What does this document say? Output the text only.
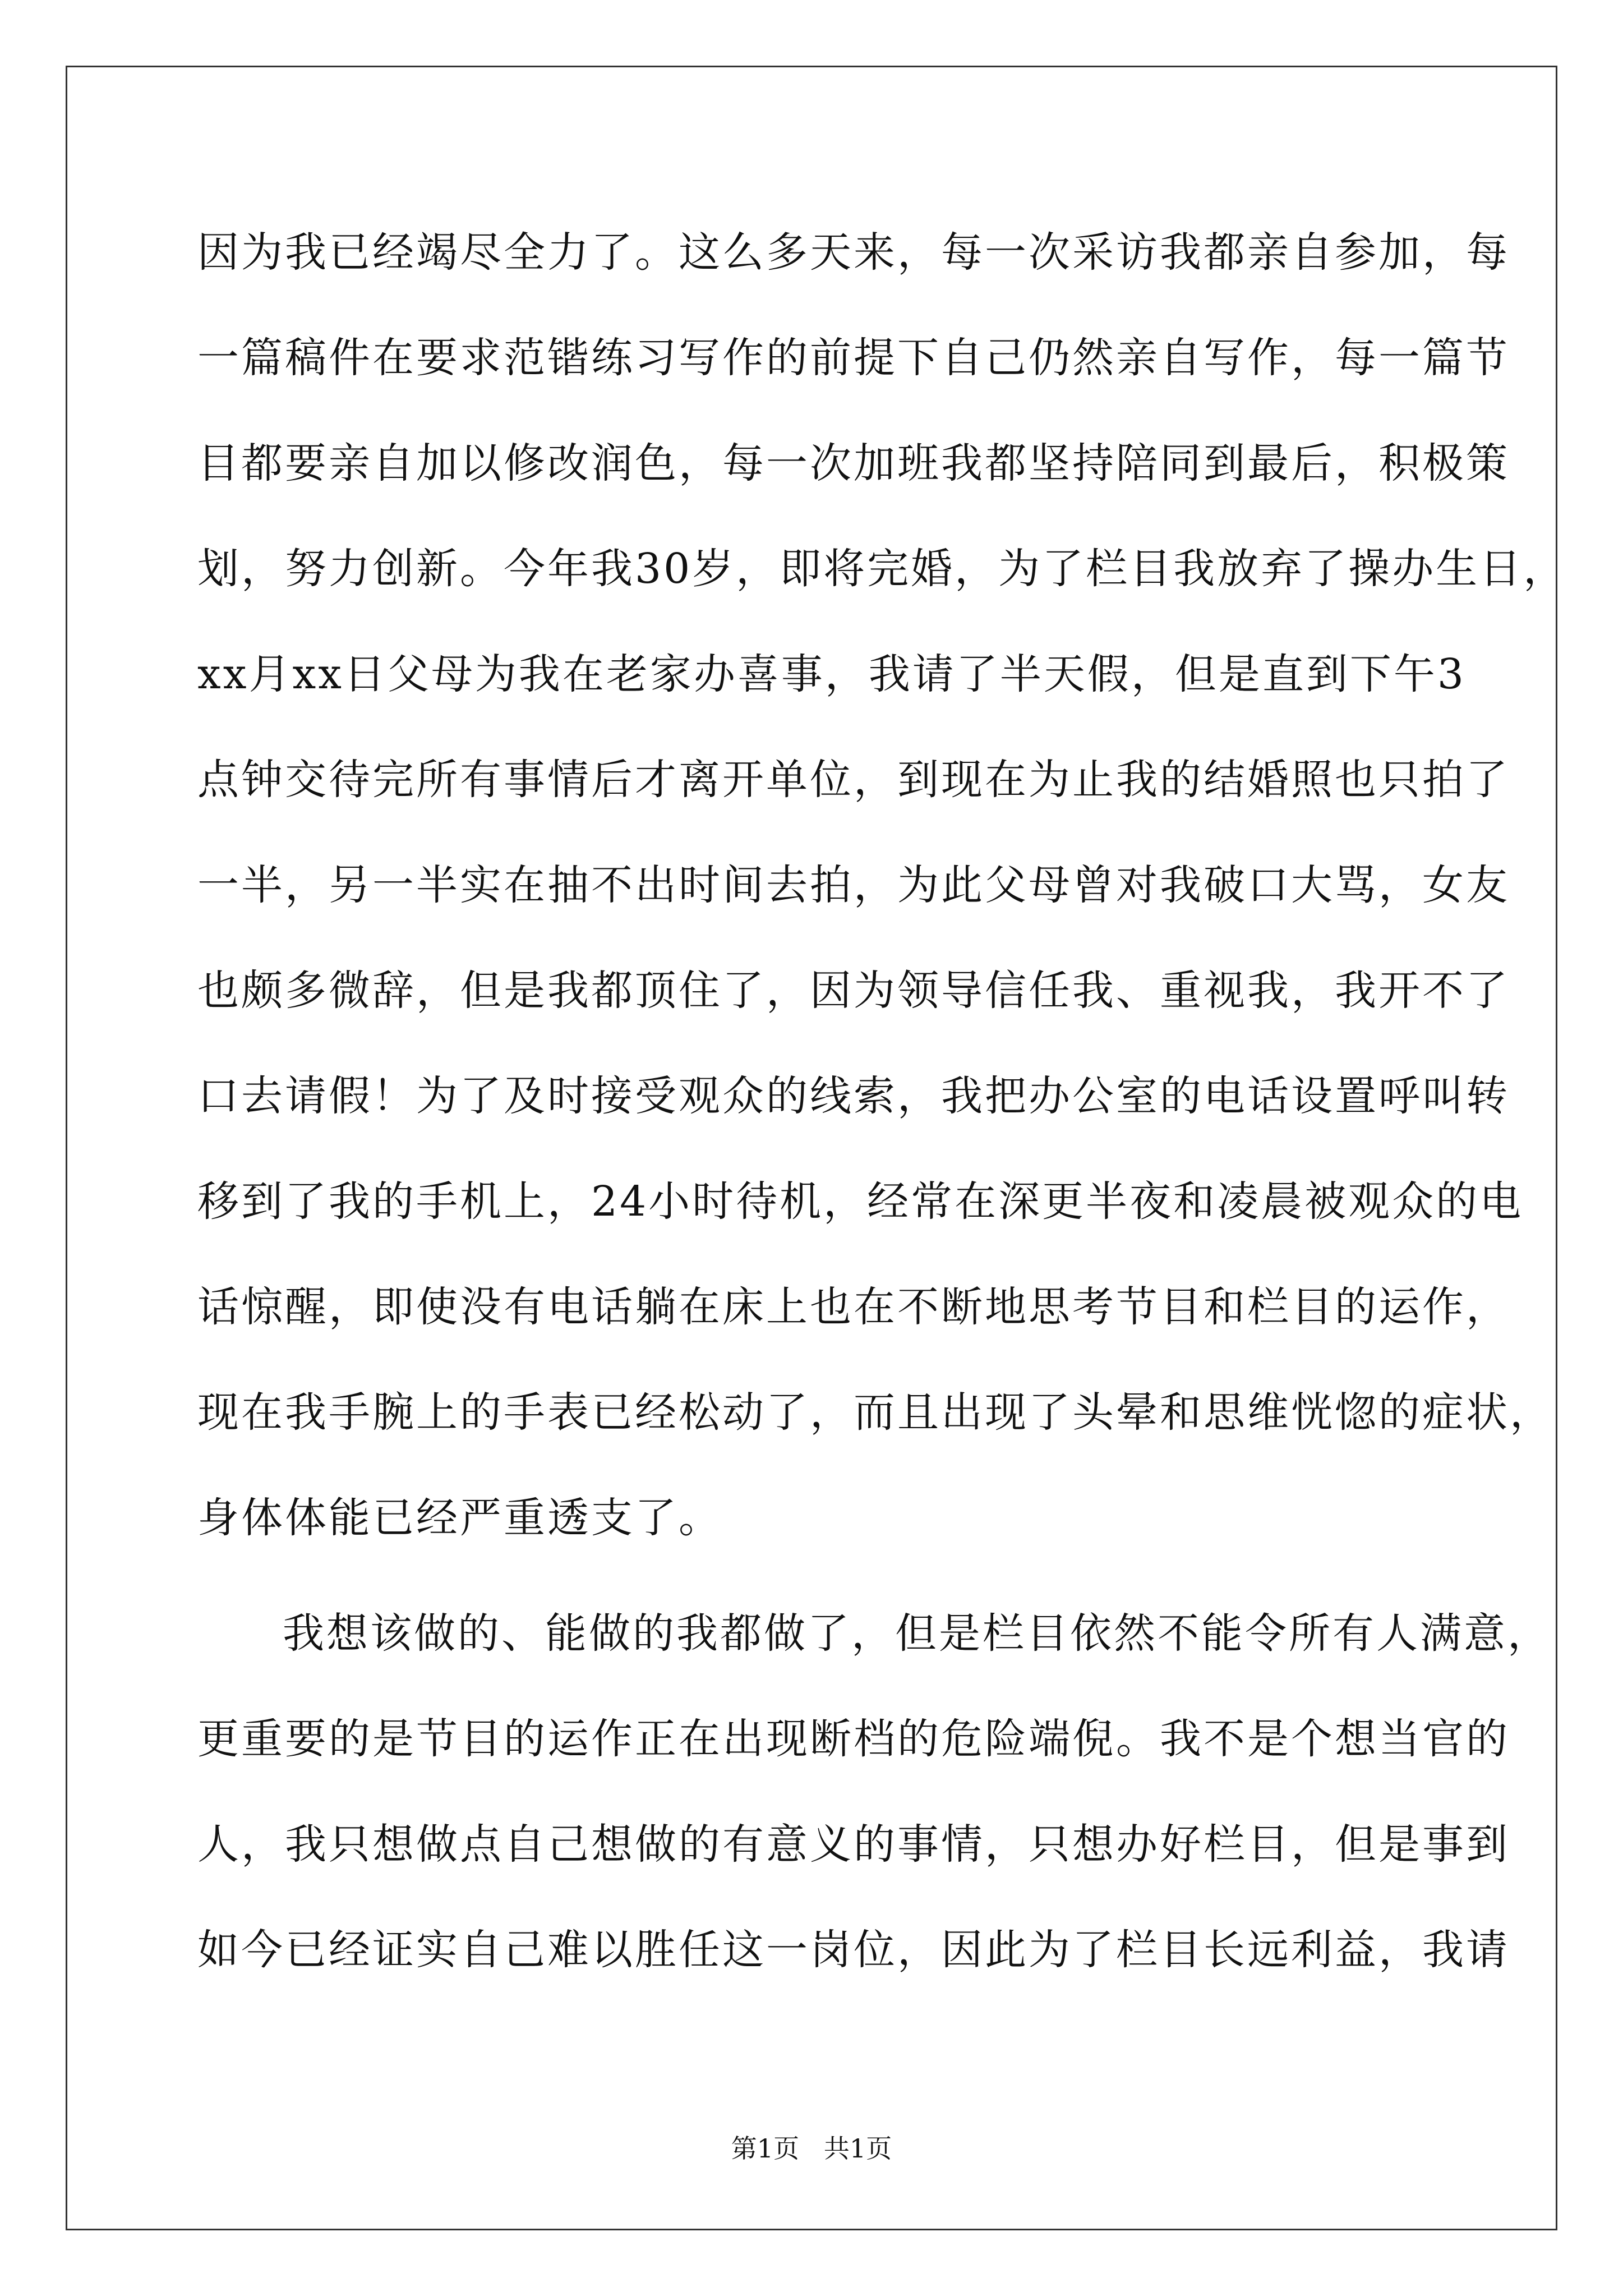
因为我已经竭尽全力了。这么多天来，每一次采访我都亲自参加，每
一篇稿件在要求范锴练习写作的前提下自己仍然亲自写作，每一篇节
目都要亲自加以修改润色，每一次加班我都坚持陪同到最后，积极策
划，努力创新。今年我30岁，即将完婚，为了栏目我放弃了操办生日，
xx月xx日父母为我在老家办喜事，我请了半天假，但是直到下午3
点钟交待完所有事情后才离开单位，到现在为止我的结婚照也只拍了
一半，另一半实在抽不出时间去拍，为此父母曾对我破口大骂，女友
也颇多微辞，但是我都顶住了，因为领导信任我、重视我，我开不了
口去请假！为了及时接受观众的线索，我把办公室的电话设置呼叫转
移到了我的手机上，24小时待机，经常在深更半夜和凌晨被观众的电
话惊醒，即使没有电话躺在床上也在不断地思考节目和栏目的运作，
现在我手腕上的手表已经松动了，而且出现了头晕和思维恍惚的症状，
身体体能已经严重透支了。
我想该做的、能做的我都做了，但是栏目依然不能令所有人满意，
更重要的是节目的运作正在出现断档的危险端倪。我不是个想当官的
人，我只想做点自己想做的有意义的事情，只想办好栏目，但是事到
如今已经证实自己难以胜任这一岗位，因此为了栏目长远利益，我请
第1页   共1页
